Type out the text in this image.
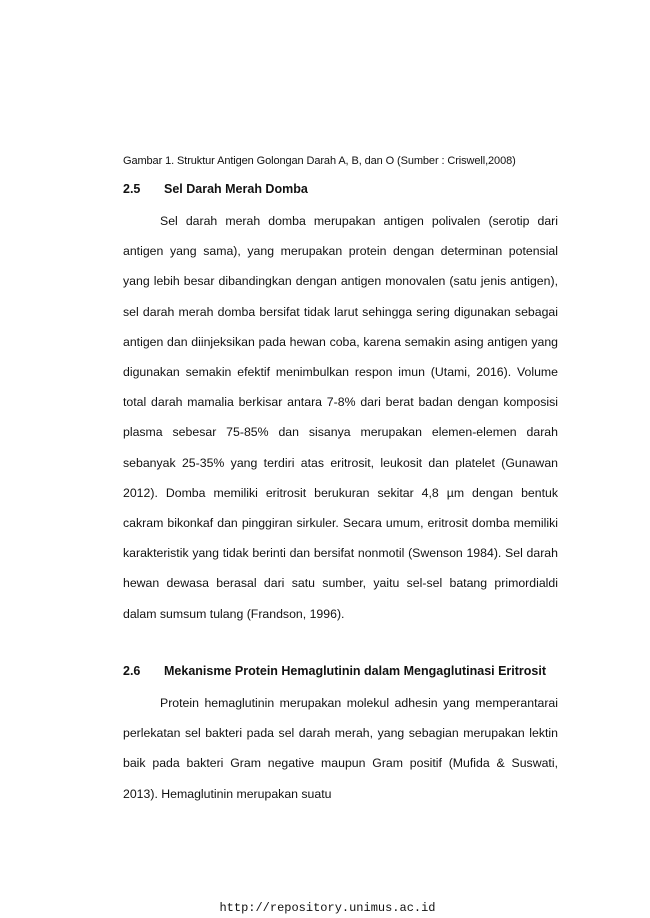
Gambar 1. Struktur Antigen Golongan Darah A, B, dan O (Sumber : Criswell,2008)
2.5 Sel Darah Merah Domba

Sel darah merah domba merupakan antigen polivalen (serotip dari antigen yang sama), yang merupakan protein dengan determinan potensial yang lebih besar dibandingkan dengan antigen monovalen (satu jenis antigen), sel darah merah domba bersifat tidak larut sehingga sering digunakan sebagai antigen dan diinjeksikan pada hewan coba, karena semakin asing antigen yang digunakan semakin efektif menimbulkan respon imun (Utami, 2016). Volume total darah mamalia berkisar antara 7-8% dari berat badan dengan komposisi plasma sebesar 75-85% dan sisanya merupakan elemen-elemen darah sebanyak 25-35% yang terdiri atas eritrosit, leukosit dan platelet (Gunawan 2012). Domba memiliki eritrosit berukuran sekitar 4,8 µm dengan bentuk cakram bikonkaf dan pinggiran sirkuler. Secara umum, eritrosit domba memiliki karakteristik yang tidak berinti dan bersifat nonmotil (Swenson 1984). Sel darah hewan dewasa berasal dari satu sumber, yaitu sel-sel batang primordialdi dalam sumsum tulang (Frandson, 1996).

2.6 Mekanisme Protein Hemaglutinin dalam Mengaglutinasi Eritrosit

Protein hemaglutinin merupakan molekul adhesin yang memperantarai perlekatan sel bakteri pada sel darah merah, yang sebagian merupakan lektin baik pada bakteri Gram negative maupun Gram positif (Mufida & Suswati, 2013). Hemaglutinin merupakan suatu

http://repository.unimus.ac.id
